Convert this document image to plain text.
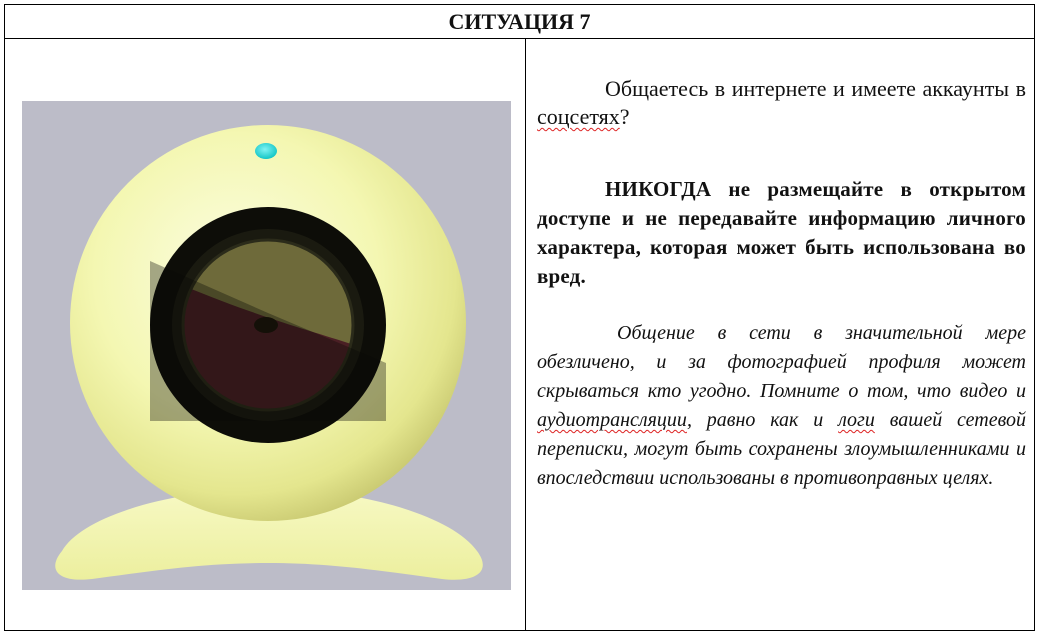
СИТУАЦИЯ 7

Общаетесь в интернете и имеете аккаунты в соцсетях?

НИКОГДА не размещайте в открытом доступе и не передавайте информацию личного характера, которая может быть использована во вред.

Общение в сети в значительной мере обезличено, и за фотографией профиля может скрываться кто угодно. Помните о том, что видео и аудиотрансляции, равно как и логи вашей сетевой переписки, могут быть сохранены злоумышленниками и впоследствии использованы в противоправных целях.
